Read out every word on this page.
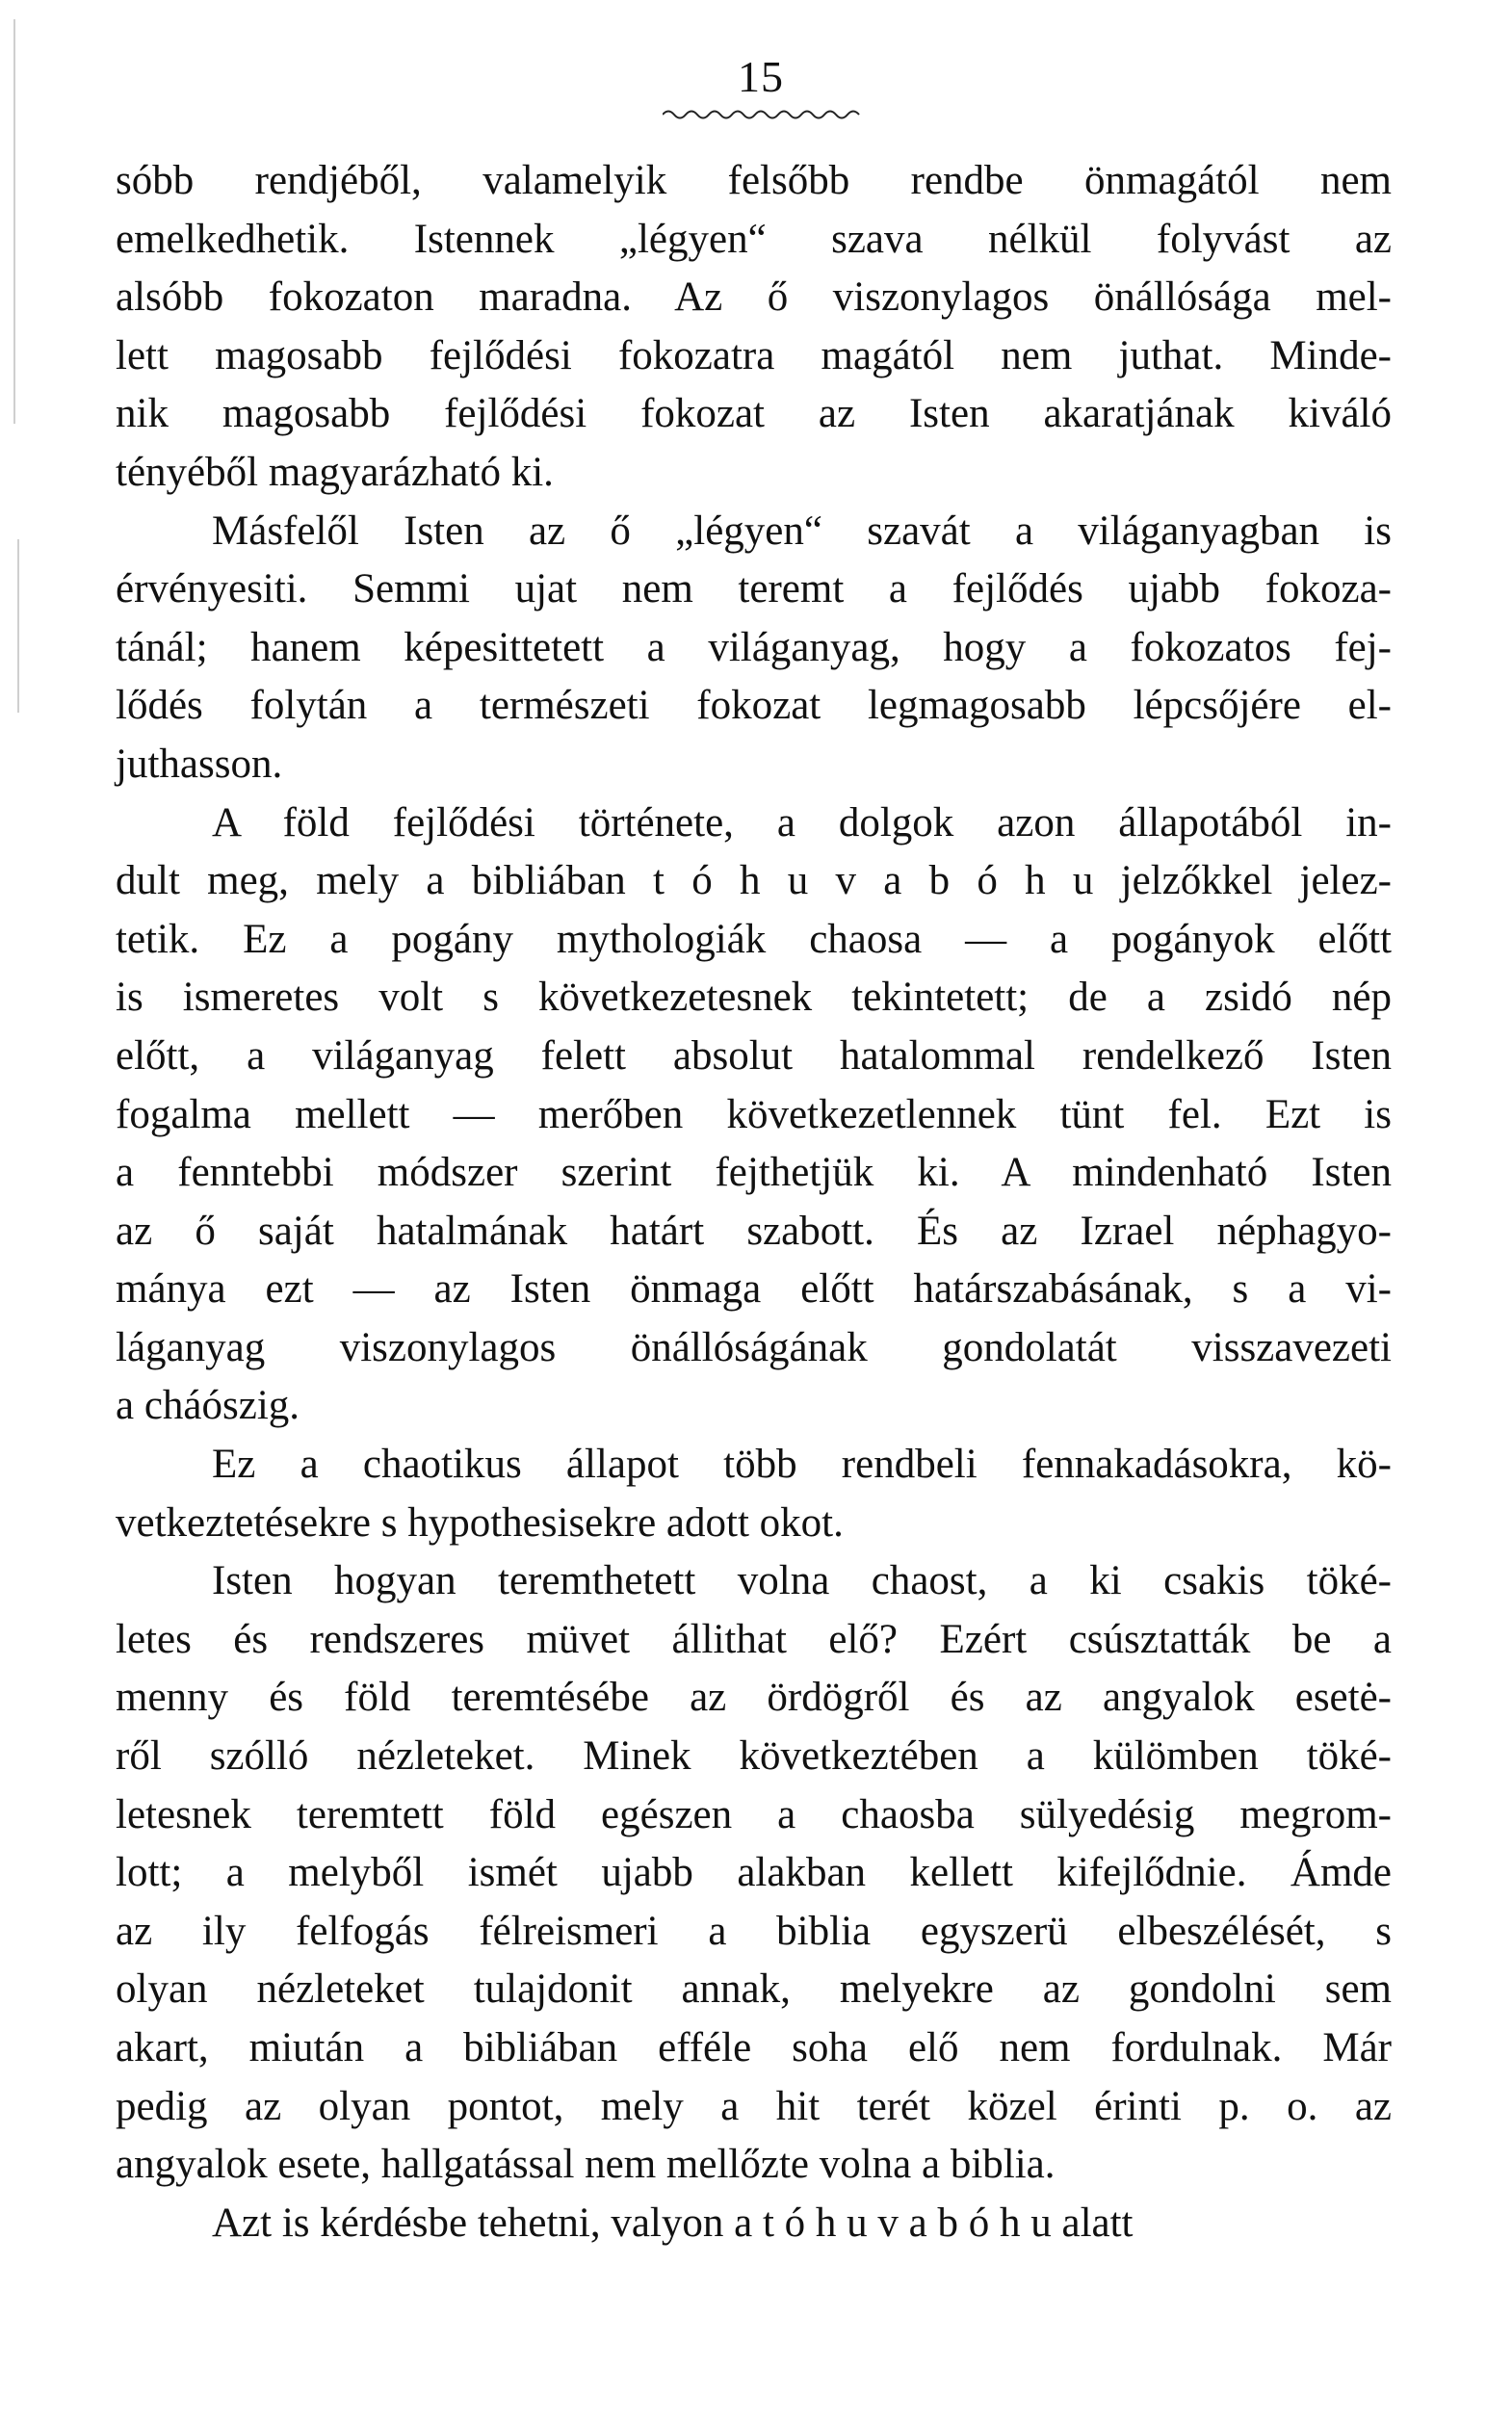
15
sóbb rendjéből, valamelyik felsőbb rendbe önmagától nem
emelkedhetik. Istennek „légyen“ szava nélkül folyvást az
alsóbb fokozaton maradna. Az ő viszonylagos önállósága mel-
lett magosabb fejlődési fokozatra magától nem juthat. Minde-
nik magosabb fejlődési fokozat az Isten akaratjának kiváló
tényéből magyarázható ki.
Másfelől Isten az ő „légyen“ szavát a világanyagban is
érvényesiti. Semmi ujat nem teremt a fejlődés ujabb fokoza-
tánál; hanem képesittetett a világanyag, hogy a fokozatos fej-
lődés folytán a természeti fokozat legmagosabb lépcsőjére el-
juthasson.
A föld fejlődési története, a dolgok azon állapotából in-
dult meg, mely a bibliában t ó h u v a b ó h u jelzőkkel jelez-
tetik. Ez a pogány mythologiák chaosa — a pogányok előtt
is ismeretes volt s következetesnek tekintetett; de a zsidó nép
előtt, a világanyag felett absolut hatalommal rendelkező Isten
fogalma mellett — merőben következetlennek tünt fel. Ezt is
a fenntebbi módszer szerint fejthetjük ki. A mindenható Isten
az ő saját hatalmának határt szabott. És az Izrael néphagyo-
mánya ezt — az Isten önmaga előtt határszabásának, s a vi-
láganyag viszonylagos önállóságának gondolatát visszavezeti
a cháószig.
Ez a chaotikus állapot több rendbeli fennakadásokra, kö-
vetkeztetésekre s hypothesisekre adott okot.
Isten hogyan teremthetett volna chaost, a ki csakis töké-
letes és rendszeres müvet állithat elő? Ezért csúsztatták be a
menny és föld teremtésébe az ördögről és az angyalok esetė-
ről szólló nézleteket. Minek következtében a külömben töké-
letesnek teremtett föld egészen a chaosba sülyedésig megrom-
lott; a melyből ismét ujabb alakban kellett kifejlődnie. Ámde
az ily felfogás félreismeri a biblia egyszerü elbeszélését, s
olyan nézleteket tulajdonit annak, melyekre az gondolni sem
akart, miután a bibliában efféle soha elő nem fordulnak. Már
pedig az olyan pontot, mely a hit terét közel érinti p. o. az
angyalok esete, hallgatással nem mellőzte volna a biblia.
Azt is kérdésbe tehetni, valyon a t ó h u v a b ó h u alatt
